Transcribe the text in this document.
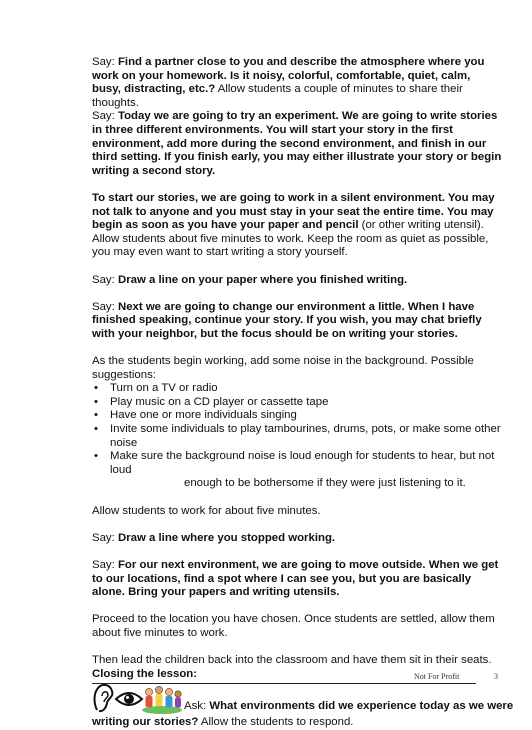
Say: Find a partner close to you and describe the atmosphere where you work on your homework. Is it noisy, colorful, comfortable, quiet, calm, busy, distracting, etc.? Allow students a couple of minutes to share their thoughts.

Say: Today we are going to try an experiment. We are going to write stories in three different environments. You will start your story in the first environment, add more during the second environment, and finish in our third setting. If you finish early, you may either illustrate your story or begin writing a second story.

To start our stories, we are going to work in a silent environment. You may not talk to anyone and you must stay in your seat the entire time. You may begin as soon as you have your paper and pencil (or other writing utensil).

Allow students about five minutes to work. Keep the room as quiet as possible, you may even want to start writing a story yourself.

Say: Draw a line on your paper where you finished writing.

Say: Next we are going to change our environment a little. When I have finished speaking, continue your story. If you wish, you may chat briefly with your neighbor, but the focus should be on writing your stories.

As the students begin working, add some noise in the background. Possible suggestions:

• Turn on a TV or radio
• Play music on a CD player or cassette tape
• Have one or more individuals singing
• Invite some individuals to play tambourines, drums, pots, or make some other noise
• Make sure the background noise is loud enough for students to hear, but not loud
enough to be bothersome if they were just listening to it.

Allow students to work for about five minutes.

Say: Draw a line where you stopped working.

Say: For our next environment, we are going to move outside. When we get to our locations, find a spot where I can see you, but you are basically alone. Bring your papers and writing utensils.

Proceed to the location you have chosen. Once students are settled, allow them about five minutes to work.

Then lead the children back into the classroom and have them sit in their seats.

Closing the lesson:

Ask: What environments did we experience today as we were

writing our stories? Allow the students to respond.

Not For Profit	3
